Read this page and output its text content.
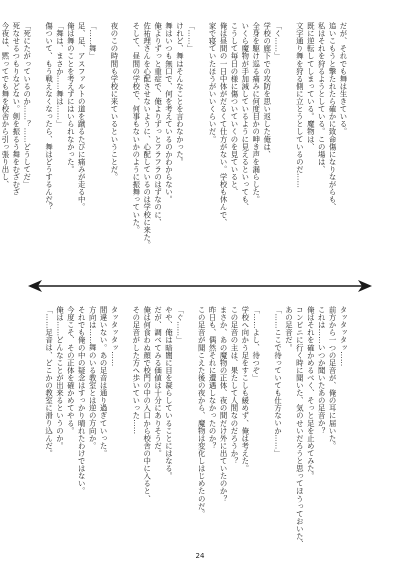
だが、それでも舞は生きている。
追いこもうと撃たれたら確かに致命傷になりながらも、
私はそれを狩るようとしている。この場は、
既に逆転してしまっている。魔物は、
文字通り舞を狩る側に立とうとしているのだ……

「く……」
学校の廊下での攻防を思い返した俺は、
全身を駆け巡る痛みに何度目かの呻き声を漏らした。
いくら魔物が手加減しているように見えるといっても、
こうして毎日の様に傷ついていくのを見ていると、
俺は昼間の一日中体がだるくて仕方がない。学校も休んで、
家で寝ていたほうがいいくらいだ。

「……」
けれど、舞はそんなことを言わなかった。
舞はいつも無口で、何を考えているのかわからない。
俺よりずっと重症で、俺よりずっとフラフラのはずなのに、
佐祐理さんを心配させないように、心配しているのは学校に来た。
そして、昼間の学校で、何事もないかのように振舞っていた。

夜のこの時間も学校に来ているということだ。

「……舞」
足、足、アスファルトの道を蹴るたびに痛みが走る中。
俺は舞のことを考えずにはいられなかった。
「舞は、まさか……舞は……」
傷ついて、もう戦えなくなったら、舞はどうするんだ？

「死にたがっているのか……？……どうしてだ」
死なせるつもりなどない。剣を振るう舞をむざむざ
今夜は、黙ってでも舞を校舎から引っ張り出し、

タッタッタッ……
前方から一つの足音が、俺の耳に届いた。
これは……いつか聞いたあの足音か？
俺はそれを確かめるべく、そっと足を止めてみた。
コンビニに行く時に聞いた、気のせいだろうと思ってほうっておいた、
あの足音だ。
「……ここで待っていても仕方ないか……」

「……よし、待つぞ」
学校へ向かう足をすこしも緩めず、俺は考えた。
この足音の主は、果たして人間なのだろうか？
まさか、あの魔物の正体、夜の間だけ外に出ていたのか？
昨日も、偶然それに遭遇しなかったのか？
この足音が聞こえた後の夜から、魔物は変化しはじめたのだ。

「ぐ……」
やや、俺は暗闇に目を凝らしていることにはなる。
だが、調べてみる価値は十分にありそうだ。
俺は何食わぬ顔で校門の中の入口から校舎の中に入ると、
その足音がした方へ歩いていった……

タッタッタッ……
間違いない。あの足音は通り過ぎていった。
方向は……舞のいる教室とは逆の方向か。
それでも俺の中の疑念はすっかり晴れたわけではない。
今度こそ、その正体を確かめてやる。
俺は……どんなことが出来るというのか。
「……足音は、どこかの教室に滑り込んだ。
24
